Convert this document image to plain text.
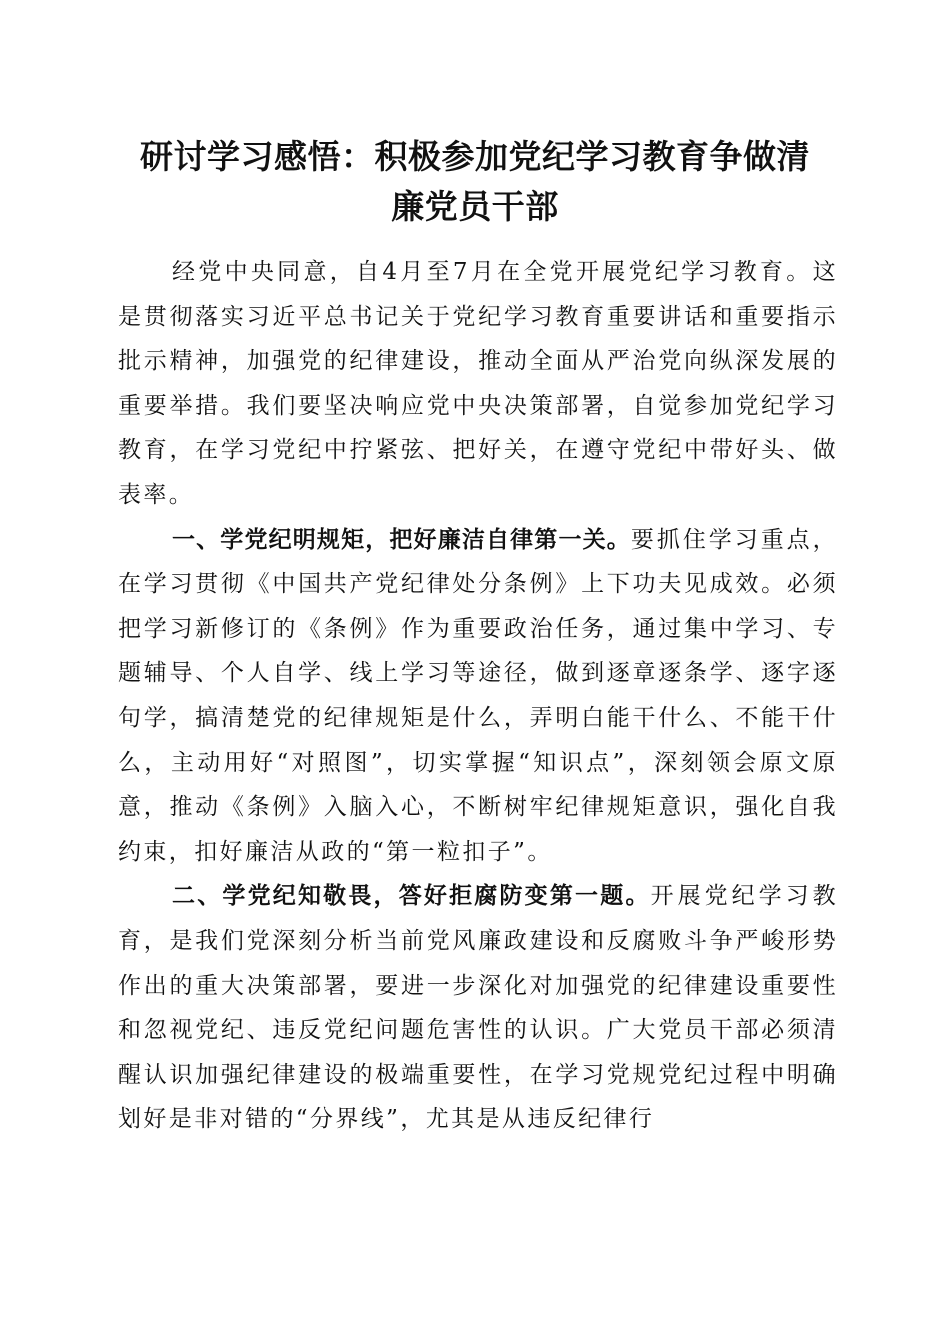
研讨学习感悟：积极参加党纪学习教育争做清
廉党员干部

经党中央同意，自4月至7月在全党开展党纪学习教育。这是贯彻落实习近平总书记关于党纪学习教育重要讲话和重要指示批示精神，加强党的纪律建设，推动全面从严治党向纵深发展的重要举措。我们要坚决响应党中央决策部署，自觉参加党纪学习教育，在学习党纪中拧紧弦、把好关，在遵守党纪中带好头、做表率。

一、学党纪明规矩，把好廉洁自律第一关。要抓住学习重点，在学习贯彻《中国共产党纪律处分条例》上下功夫见成效。必须把学习新修订的《条例》作为重要政治任务，通过集中学习、专题辅导、个人自学、线上学习等途径，做到逐章逐条学、逐字逐句学，搞清楚党的纪律规矩是什么，弄明白能干什么、不能干什么，主动用好“对照图”，切实掌握“知识点”，深刻领会原文原意，推动《条例》入脑入心，不断树牢纪律规矩意识，强化自我约束，扣好廉洁从政的“第一粒扣子”。

二、学党纪知敬畏，答好拒腐防变第一题。开展党纪学习教育，是我们党深刻分析当前党风廉政建设和反腐败斗争严峻形势作出的重大决策部署，要进一步深化对加强党的纪律建设重要性和忽视党纪、违反党纪问题危害性的认识。广大党员干部必须清醒认识加强纪律建设的极端重要性，在学习党规党纪过程中明确划好是非对错的“分界线”，尤其是从违反纪律行
